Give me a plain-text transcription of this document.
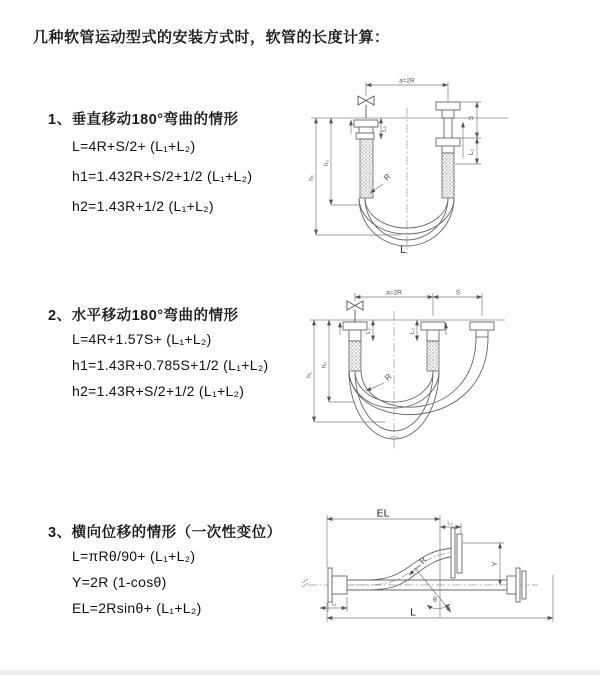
几种软管运动型式的安装方式时，软管的长度计算：
1、垂直移动180°弯曲的情形
L=4R+S/2+ (L₁+L₂)
h1=1.432R+S/2+1/2 (L₁+L₂)
h2=1.43R+1/2 (L₁+L₂)
2、水平移动180°弯曲的情形
L=4R+1.57S+ (L₁+L₂)
h1=1.43R+0.785S+1/2 (L₁+L₂)
h2=1.43R+S/2+1/2 (L₁+L₂)
3、横向位移的情形（一次性变位）
L=πRθ/90+ (L₁+L₂)
Y=2R (1-cosθ)
EL=2Rsinθ+ (L₁+L₂)
a=2R
S
L₂
L₁
h₁
h₂
R
L
a=2R	S
L₁	L₂
h₁
h₂
R
EL
L₂
Y
L
L₁
R
θ
